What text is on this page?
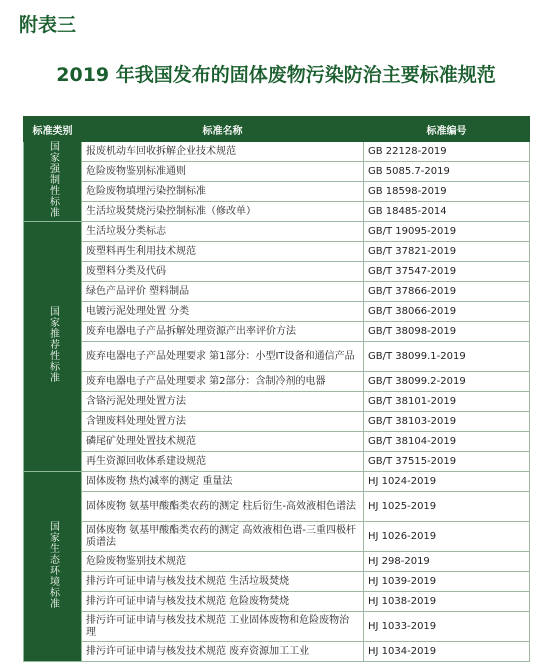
附表三
2019 年我国发布的固体废物污染防治主要标准规范
标准类别	标准名称	标准编号
国家强制性标准	报废机动车回收拆解企业技术规范	GB 22128-2019
	危险废物鉴别标准通则	GB 5085.7-2019
	危险废物填埋污染控制标准	GB 18598-2019
	生活垃圾焚烧污染控制标准（修改单）	GB 18485-2014
国家推荐性标准	生活垃圾分类标志	GB/T 19095-2019
	废塑料再生利用技术规范	GB/T 37821-2019
	废塑料分类及代码	GB/T 37547-2019
	绿色产品评价 塑料制品	GB/T 37866-2019
	电镀污泥处理处置 分类	GB/T 38066-2019
	废弃电器电子产品拆解处理资源产出率评价方法	GB/T 38098-2019
	废弃电器电子产品处理要求 第1部分：小型IT设备和通信产品	GB/T 38099.1-2019
	废弃电器电子产品处理要求 第2部分：含制冷剂的电器	GB/T 38099.2-2019
	含铬污泥处理处置方法	GB/T 38101-2019
	含锂废料处理处置方法	GB/T 38103-2019
	磷尾矿处理处置技术规范	GB/T 38104-2019
	再生资源回收体系建设规范	GB/T 37515-2019
国家生态环境标准	固体废物 热灼减率的测定 重量法	HJ 1024-2019
	固体废物 氨基甲酸酯类农药的测定 柱后衍生-高效液相色谱法	HJ 1025-2019
	固体废物 氨基甲酸酯类农药的测定 高效液相色谱-三重四极杆质谱法	HJ 1026-2019
	危险废物鉴别技术规范	HJ 298-2019
	排污许可证申请与核发技术规范 生活垃圾焚烧	HJ 1039-2019
	排污许可证申请与核发技术规范 危险废物焚烧	HJ 1038-2019
	排污许可证申请与核发技术规范 工业固体废物和危险废物治理	HJ 1033-2019
	排污许可证申请与核发技术规范 废弃资源加工工业	HJ 1034-2019
